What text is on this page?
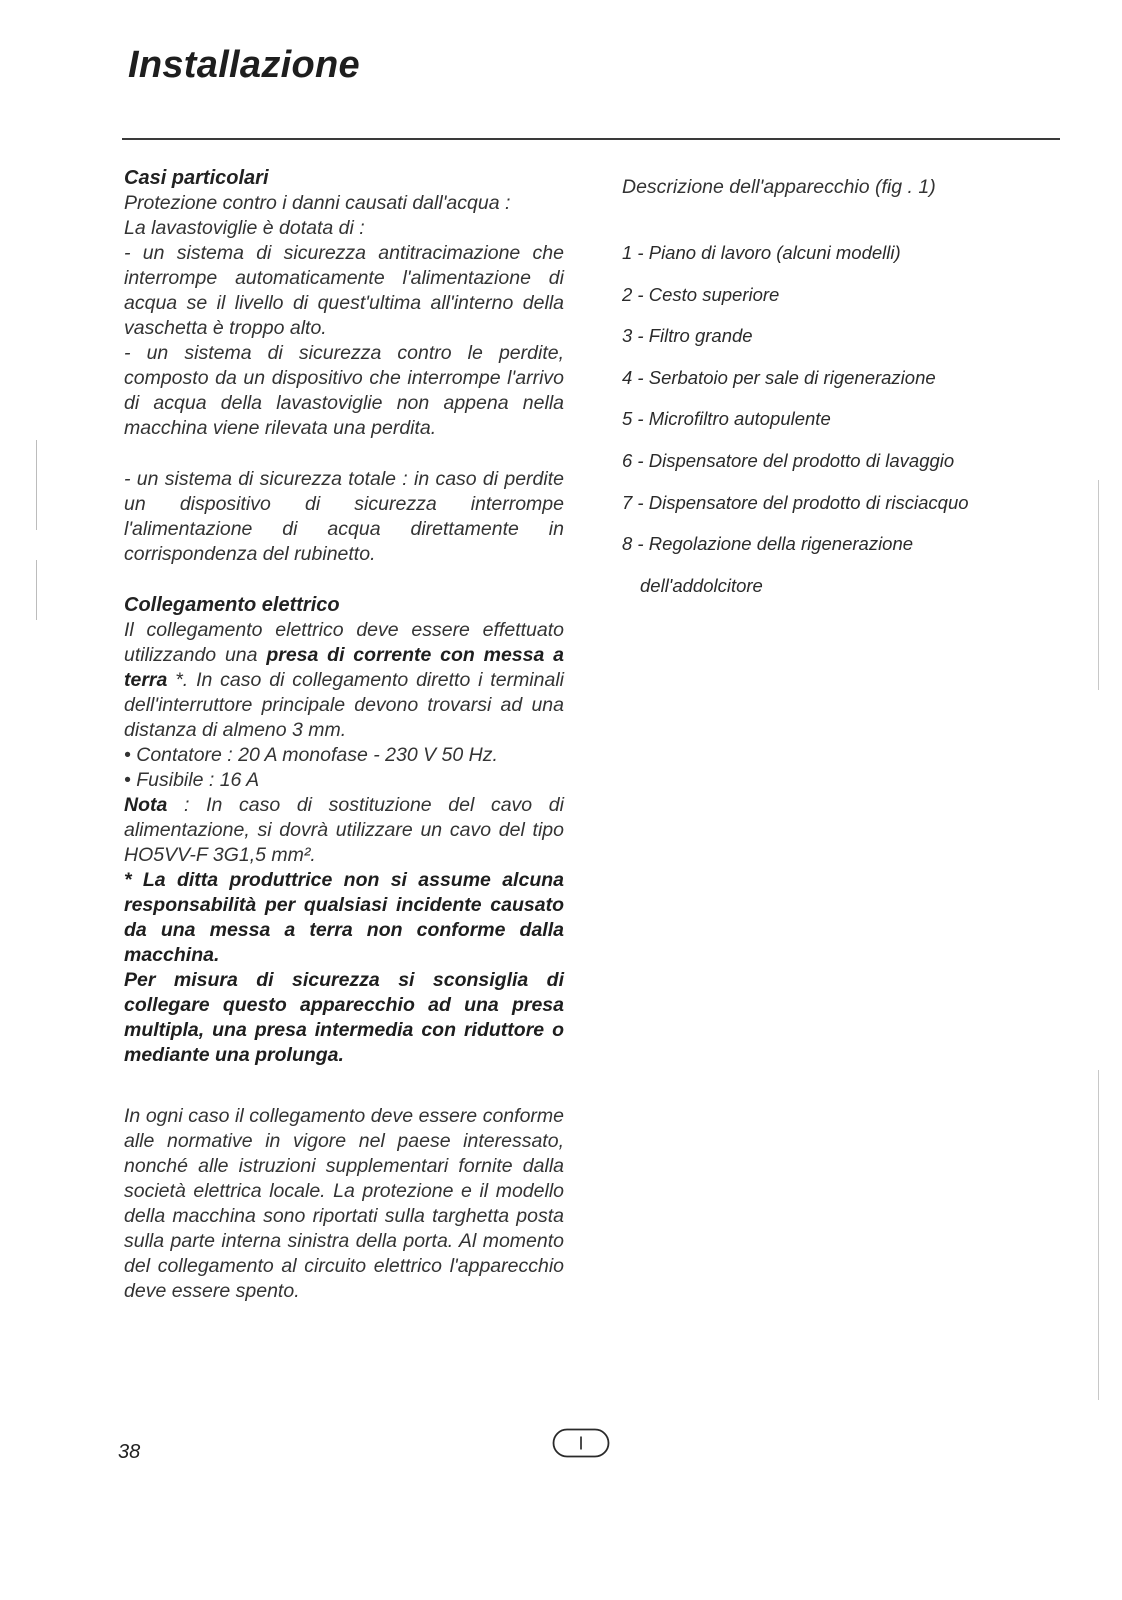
Installazione

Casi particolari

Protezione contro i danni causati dall'acqua :

La lavastoviglie è dotata di :

- un sistema di sicurezza antitracimazione che interrompe automaticamente l'alimentazione di acqua se il livello di quest'ultima all'interno della vaschetta è troppo alto.

- un sistema di sicurezza contro le perdite, composto da un dispositivo che interrompe l'arrivo di acqua della lavastoviglie non appena nella macchina viene rilevata una perdita.

- un sistema di sicurezza totale : in caso di perdite un dispositivo di sicurezza interrompe l'alimentazione di acqua direttamente in corrispondenza del rubinetto.

Collegamento elettrico

Il collegamento elettrico deve essere effettuato utilizzando una presa di corrente con messa a terra *. In caso di collegamento diretto i terminali dell'interruttore principale devono trovarsi ad una distanza di almeno 3 mm.

• Contatore : 20 A monofase - 230 V 50 Hz.

• Fusibile : 16 A

Nota : In caso di sostituzione del cavo di alimentazione, si dovrà utilizzare un cavo del tipo HO5VV-F 3G1,5 mm².

* La ditta produttrice non si assume alcuna responsabilità per qualsiasi incidente causato da una messa a terra non conforme dalla macchina.

Per misura di sicurezza si sconsiglia di collegare questo apparecchio ad una presa multipla, una presa intermedia con riduttore o mediante una prolunga.

In ogni caso il collegamento deve essere conforme alle normative in vigore nel paese interessato, nonché alle istruzioni supplementari fornite dalla società elettrica locale. La protezione e il modello della macchina sono riportati sulla targhetta posta sulla parte interna sinistra della porta. Al momento del collegamento al circuito elettrico l'apparecchio deve essere spento.

Descrizione dell'apparecchio (fig . 1)

1 - Piano di lavoro (alcuni modelli)
2 - Cesto superiore
3 - Filtro grande
4 - Serbatoio per sale di rigenerazione
5 - Microfiltro autopulente
6 - Dispensatore del prodotto di lavaggio
7 - Dispensatore del prodotto di risciacquo
8 - Regolazione della rigenerazione
dell'addolcitore
38	I
